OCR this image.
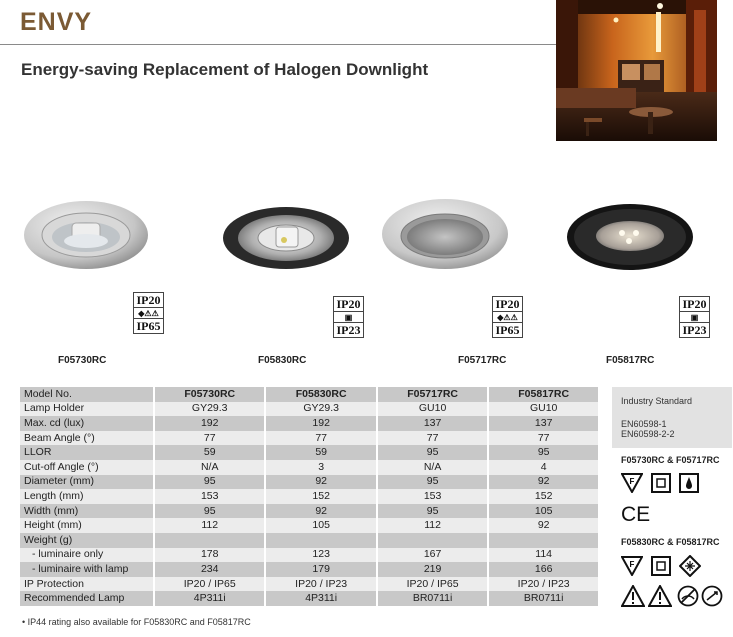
ENVY
Energy-saving Replacement of Halogen Downlight
IP20
◆⚠⚠
IP65
IP20
▣
IP23
IP20
◆⚠⚠
IP65
IP20
▣
IP23
F05730RC	F05830RC	F05717RC	F05817RC
Model No.	F05730RC	F05830RC	F05717RC	F05817RC
Lamp Holder	GY29.3	GY29.3	GU10	GU10
Max. cd (lux)	192	192	137	137
Beam Angle (°)	77	77	77	77
LLOR	59	59	95	95
Cut-off Angle (°)	N/A	3	N/A	4
Diameter (mm)	95	92	95	92
Length (mm)	153	152	153	152
Width (mm)	95	92	95	105
Height (mm)	112	105	112	92
Weight (g)				
- luminaire only	178	123	167	114
- luminaire with lamp	234	179	219	166
IP Protection	IP20 / IP65	IP20 / IP23	IP20 / IP65	IP20 / IP23
Recommended Lamp	4P311i	4P311i	BR0711i	BR0711i
• IP44 rating also available for F05830RC and F05817RC
Industry Standard
EN60598-1
EN60598-2-2
F05730RC & F05717RC
F05830RC & F05817RC
F
CE
F
